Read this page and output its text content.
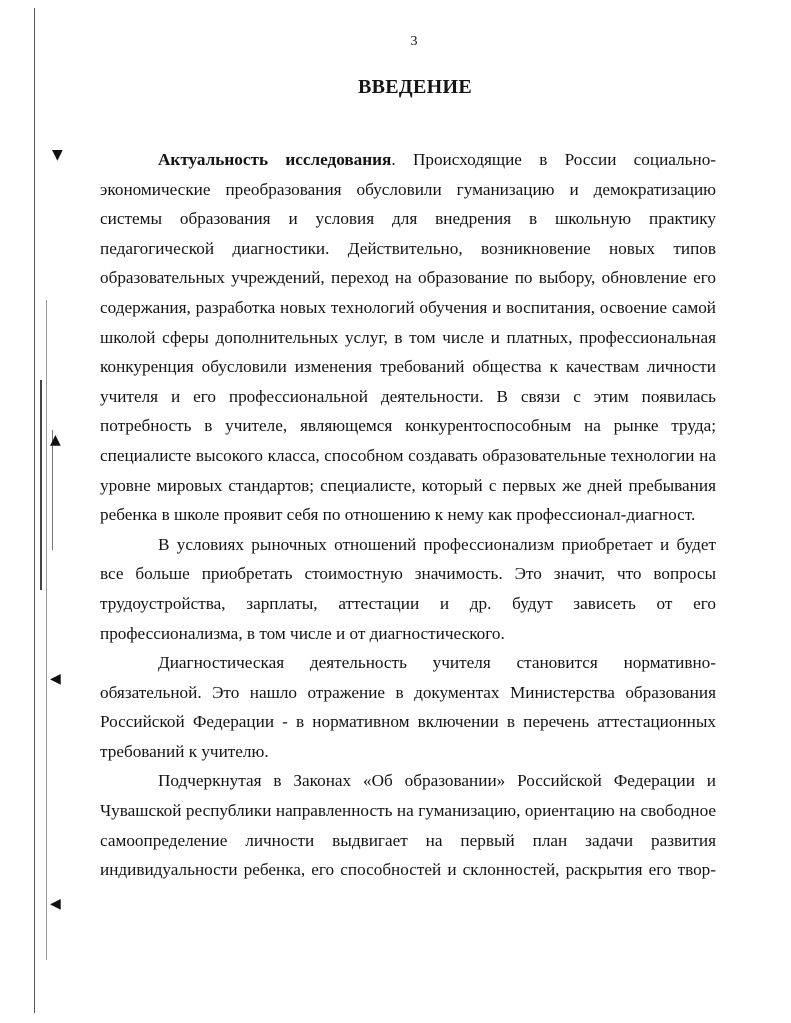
▼
▲
◀
◀
3
ВВЕДЕНИЕ

Актуальность исследования. Происходящие в России социально-экономические преобразования обусловили гуманизацию и демократизацию системы образования и условия для внедрения в школьную практику педагогической диагностики. Действительно, возникновение новых типов образовательных учреждений, переход на образование по выбору, обновление его содержания, разработка новых технологий обучения и воспитания, освоение самой школой сферы дополнительных услуг, в том числе и платных, профессиональная конкуренция обусловили изменения требований общества к качествам личности учителя и его профессиональной деятельности. В связи с этим появилась потребность в учителе, являющемся конкурентоспособным на рынке труда; специалисте высокого класса, способном создавать образовательные технологии на уровне мировых стандартов; специалисте, который с первых же дней пребывания ребенка в школе проявит себя по отношению к нему как профессионал-диагност.

В условиях рыночных отношений профессионализм приобретает и будет все больше приобретать стоимостную значимость. Это значит, что вопросы трудоустройства, зарплаты, аттестации и др. будут зависеть от его профессионализма, в том числе и от диагностического.

Диагностическая деятельность учителя становится нормативно-обязательной. Это нашло отражение в документах Министерства образования Российской Федерации - в нормативном включении в перечень аттестационных требований к учителю.

Подчеркнутая в Законах «Об образовании» Российской Федерации и Чувашской республики направленность на гуманизацию, ориентацию на свободное самоопределение личности выдвигает на первый план задачи развития индивидуальности ребенка, его способностей и склонностей, раскрытия его твор-
